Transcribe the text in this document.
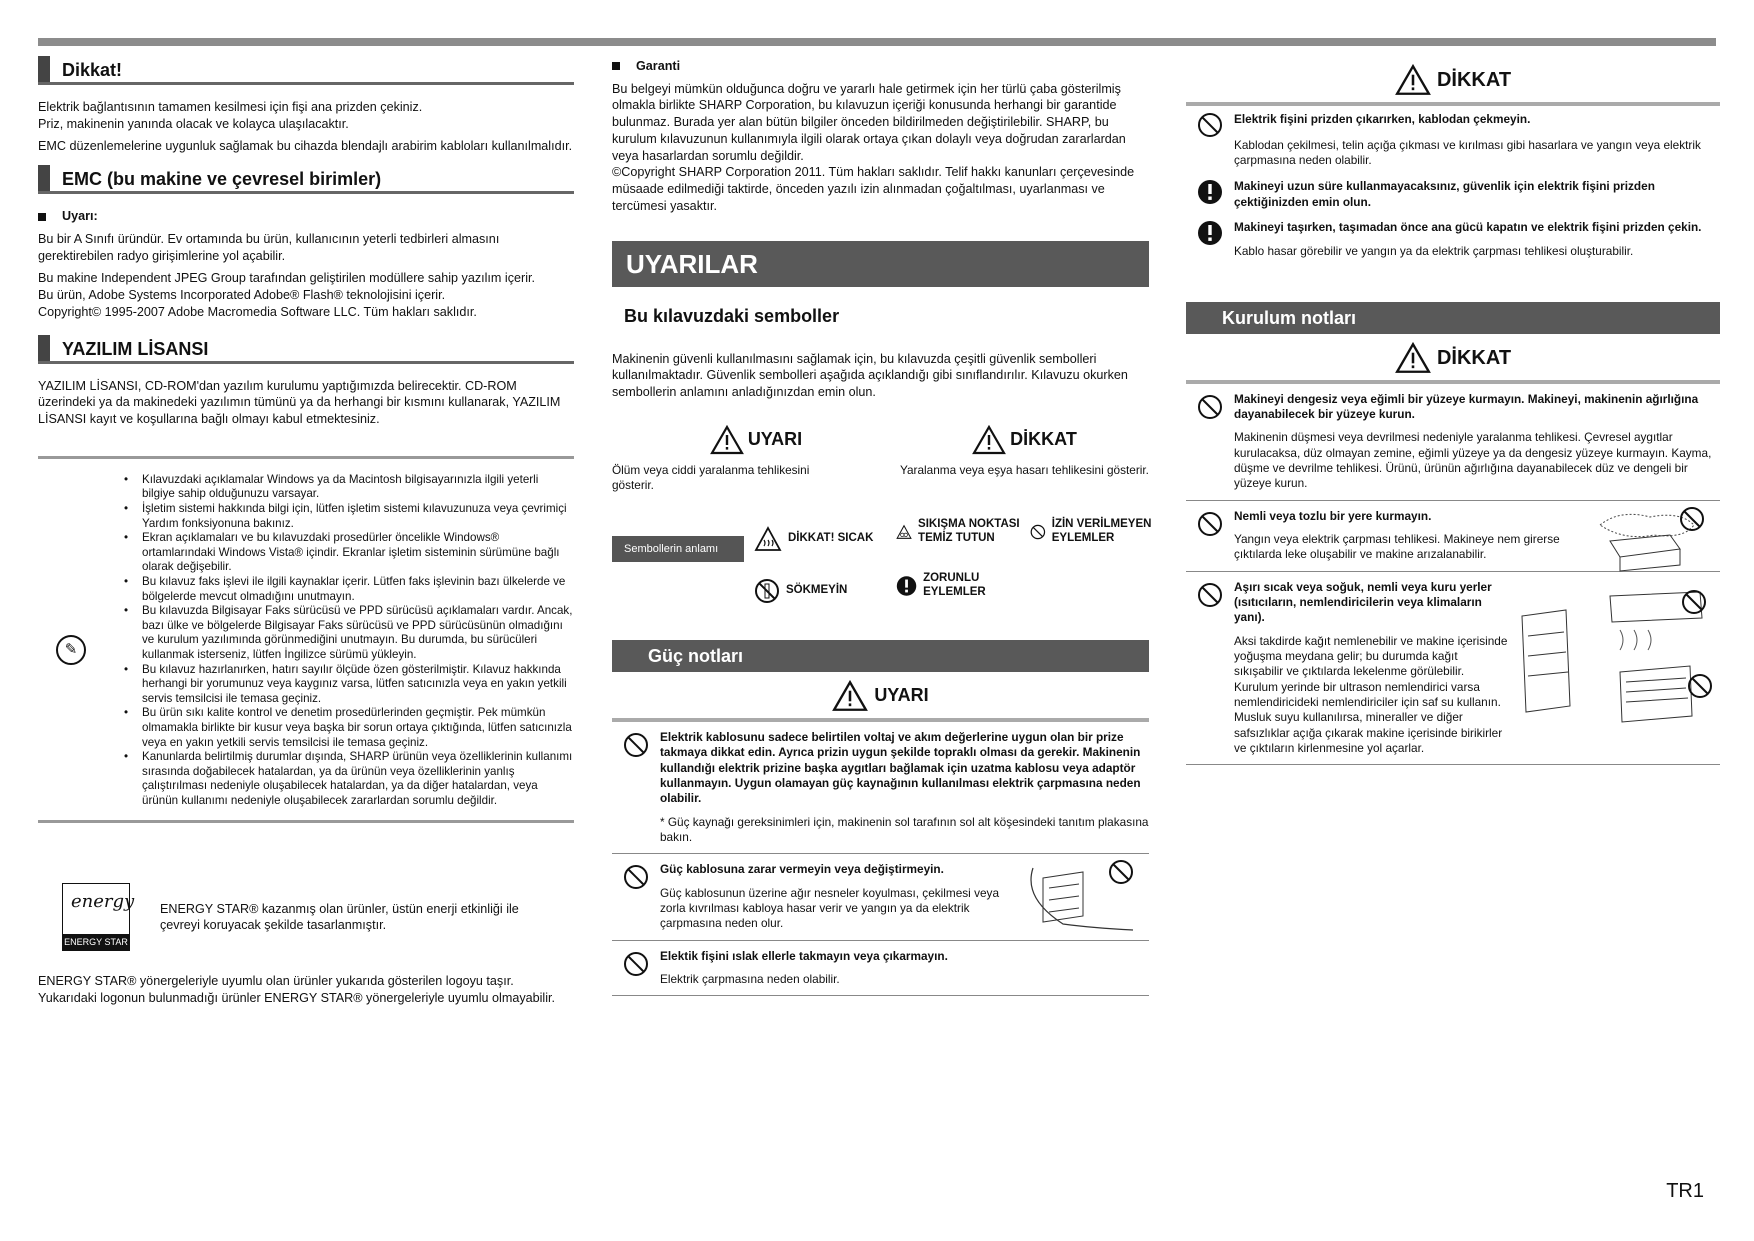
Dikkat!

Elektrik bağlantısının tamamen kesilmesi için fişi ana prizden çekiniz.

Priz, makinenin yanında olacak ve kolayca ulaşılacaktır.

EMC düzenlemelerine uygunluk sağlamak bu cihazda blendajlı arabirim kabloları kullanılmalıdır.

EMC (bu makine ve çevresel birimler)
Uyarı:

Bu bir A Sınıfı üründür. Ev ortamında bu ürün, kullanıcının yeterli tedbirleri almasını gerektirebilen radyo girişimlerine yol açabilir.

Bu makine Independent JPEG Group tarafından geliştirilen modüllere sahip yazılım içerir.

Bu ürün, Adobe Systems Incorporated Adobe® Flash® teknolojisini içerir.

Copyright© 1995-2007 Adobe Macromedia Software LLC. Tüm hakları saklıdır.

YAZILIM LİSANSI

YAZILIM LİSANSI, CD-ROM'dan yazılım kurulumu yaptığımızda belirecektir. CD-ROM üzerindeki ya da makinedeki yazılımın tümünü ya da herhangi bir kısmını kullanarak, YAZILIM LİSANSI kayıt ve koşullarına bağlı olmayı kabul etmektesiniz.

✎
• Kılavuzdaki açıklamalar Windows ya da Macintosh bilgisayarınızla ilgili yeterli bilgiye sahip olduğunuzu varsayar.
• İşletim sistemi hakkında bilgi için, lütfen işletim sistemi kılavuzunuza veya çevrimiçi Yardım fonksiyonuna bakınız.
• Ekran açıklamaları ve bu kılavuzdaki prosedürler öncelikle Windows® ortamlarındaki Windows Vista® içindir. Ekranlar işletim sisteminin sürümüne bağlı olarak değişebilir.
• Bu kılavuz faks işlevi ile ilgili kaynaklar içerir. Lütfen faks işlevinin bazı ülkelerde ve bölgelerde mevcut olmadığını unutmayın.
• Bu kılavuzda Bilgisayar Faks sürücüsü ve PPD sürücüsü açıklamaları vardır. Ancak, bazı ülke ve bölgelerde Bilgisayar Faks sürücüsü ve PPD sürücüsünün olmadığını ve kurulum yazılımında görünmediğini unutmayın. Bu durumda, bu sürücüleri kullanmak isterseniz, lütfen İngilizce sürümü yükleyin.
• Bu kılavuz hazırlanırken, hatırı sayılır ölçüde özen gösterilmiştir. Kılavuz hakkında herhangi bir yorumunuz veya kaygınız varsa, lütfen satıcınızla veya en yakın yetkili servis temsilcisi ile temasa geçiniz.
• Bu ürün sıkı kalite kontrol ve denetim prosedürlerinden geçmiştir. Pek mümkün olmamakla birlikte bir kusur veya başka bir sorun ortaya çıktığında, lütfen satıcınızla veya en yakın yetkili servis temsilcisi ile temasa geçiniz.
• Kanunlarda belirtilmiş durumlar dışında, SHARP ürünün veya özelliklerinin kullanımı sırasında doğabilecek hatalardan, ya da ürünün veya özelliklerinin yanlış çalıştırılması nedeniyle oluşabilecek hatalardan, ya da diğer hatalardan, veya ürünün kullanımı nedeniyle oluşabilecek zararlardan sorumlu değildir.
energy
ENERGY STAR

ENERGY STAR® kazanmış olan ürünler, üstün enerji etkinliği ile çevreyi koruyacak şekilde tasarlanmıştır.

ENERGY STAR® yönergeleriyle uyumlu olan ürünler yukarıda gösterilen logoyu taşır. Yukarıdaki logonun bulunmadığı ürünler ENERGY STAR® yönergeleriyle uyumlu olmayabilir.

Garanti

Bu belgeyi mümkün olduğunca doğru ve yararlı hale getirmek için her türlü çaba gösterilmiş olmakla birlikte SHARP Corporation, bu kılavuzun içeriği konusunda herhangi bir garantide bulunmaz. Burada yer alan bütün bilgiler önceden bildirilmeden değiştirilebilir. SHARP, bu kurulum kılavuzunun kullanımıyla ilgili olarak ortaya çıkan dolaylı veya doğrudan zararlardan veya hasarlardan sorumlu değildir.

©Copyright SHARP Corporation 2011. Tüm hakları saklıdır. Telif hakkı kanunları çerçevesinde müsaade edilmediği taktirde, önceden yazılı izin alınmadan çoğaltılması, uyarlanması ve tercümesi yasaktır.

UYARILAR
Bu kılavuzdaki semboller

Makinenin güvenli kullanılmasını sağlamak için, bu kılavuzda çeşitli güvenlik sembolleri kullanılmaktadır. Güvenlik sembolleri aşağıda açıklandığı gibi sınıflandırılır. Kılavuzu okurken sembollerin anlamını anladığınızdan emin olun.

UYARI

Ölüm veya ciddi yaralanma tehlikesini gösterir.

DİKKAT

Yaralanma veya eşya hasarı tehlikesini gösterir.

Sembollerin anlamı
DİKKAT! SICAK
SIKIŞMA NOKTASI TEMİZ TUTUN
İZİN VERİLMEYEN EYLEMLER
SÖKMEYİN
ZORUNLU EYLEMLER
Güç notları
UYARI
Elektrik kablosunu sadece belirtilen voltaj ve akım değerlerine uygun olan bir prize takmaya dikkat edin. Ayrıca prizin uygun şekilde topraklı olması da gerekir. Makinenin kullandığı elektrik prizine başka aygıtları bağlamak için uzatma kablosu veya adaptör kullanmayın. Uygun olamayan güç kaynağının kullanılması elektrik çarpmasına neden olabilir.
* Güç kaynağı gereksinimleri için, makinenin sol tarafının sol alt köşesindeki tanıtım plakasına bakın.
Güç kablosuna zarar vermeyin veya değiştirmeyin.
Güç kablosunun üzerine ağır nesneler koyulması, çekilmesi veya zorla kıvrılması kabloya hasar verir ve yangın ya da elektrik çarpmasına neden olur.
Elektik fişini ıslak ellerle takmayın veya çıkarmayın.
Elektrik çarpmasına neden olabilir.
DİKKAT
Elektrik fişini prizden çıkarırken, kablodan çekmeyin.
Kablodan çekilmesi, telin açığa çıkması ve kırılması gibi hasarlara ve yangın veya elektrik çarpmasına neden olabilir.
Makineyi uzun süre kullanmayacaksınız, güvenlik için elektrik fişini prizden çektiğinizden emin olun.
Makineyi taşırken, taşımadan önce ana gücü kapatın ve elektrik fişini prizden çekin.
Kablo hasar görebilir ve yangın ya da elektrik çarpması tehlikesi oluşturabilir.
Kurulum notları
DİKKAT
Makineyi dengesiz veya eğimli bir yüzeye kurmayın. Makineyi, makinenin ağırlığına dayanabilecek bir yüzeye kurun.
Makinenin düşmesi veya devrilmesi nedeniyle yaralanma tehlikesi. Çevresel aygıtlar kurulacaksa, düz olmayan zemine, eğimli yüzeye ya da dengesiz yüzeye kurmayın. Kayma, düşme ve devrilme tehlikesi. Ürünü, ürünün ağırlığına dayanabilecek düz ve dengeli bir yüzeye kurun.
Nemli veya tozlu bir yere kurmayın.
Yangın veya elektrik çarpması tehlikesi. Makineye nem girerse çıktılarda leke oluşabilir ve makine arızalanabilir.
Aşırı sıcak veya soğuk, nemli veya kuru yerler (ısıtıcıların, nemlendiricilerin veya klimaların yanı).
Aksi takdirde kağıt nemlenebilir ve makine içerisinde yoğuşma meydana gelir; bu durumda kağıt sıkışabilir ve çıktılarda lekelenme görülebilir. Kurulum yerinde bir ultrason nemlendirici varsa nemlendiricideki nemlendiriciler için saf su kullanın. Musluk suyu kullanılırsa, mineraller ve diğer safsızlıklar açığa çıkarak makine içerisinde birikirler ve çıktıların kirlenmesine yol açarlar.
TR1
